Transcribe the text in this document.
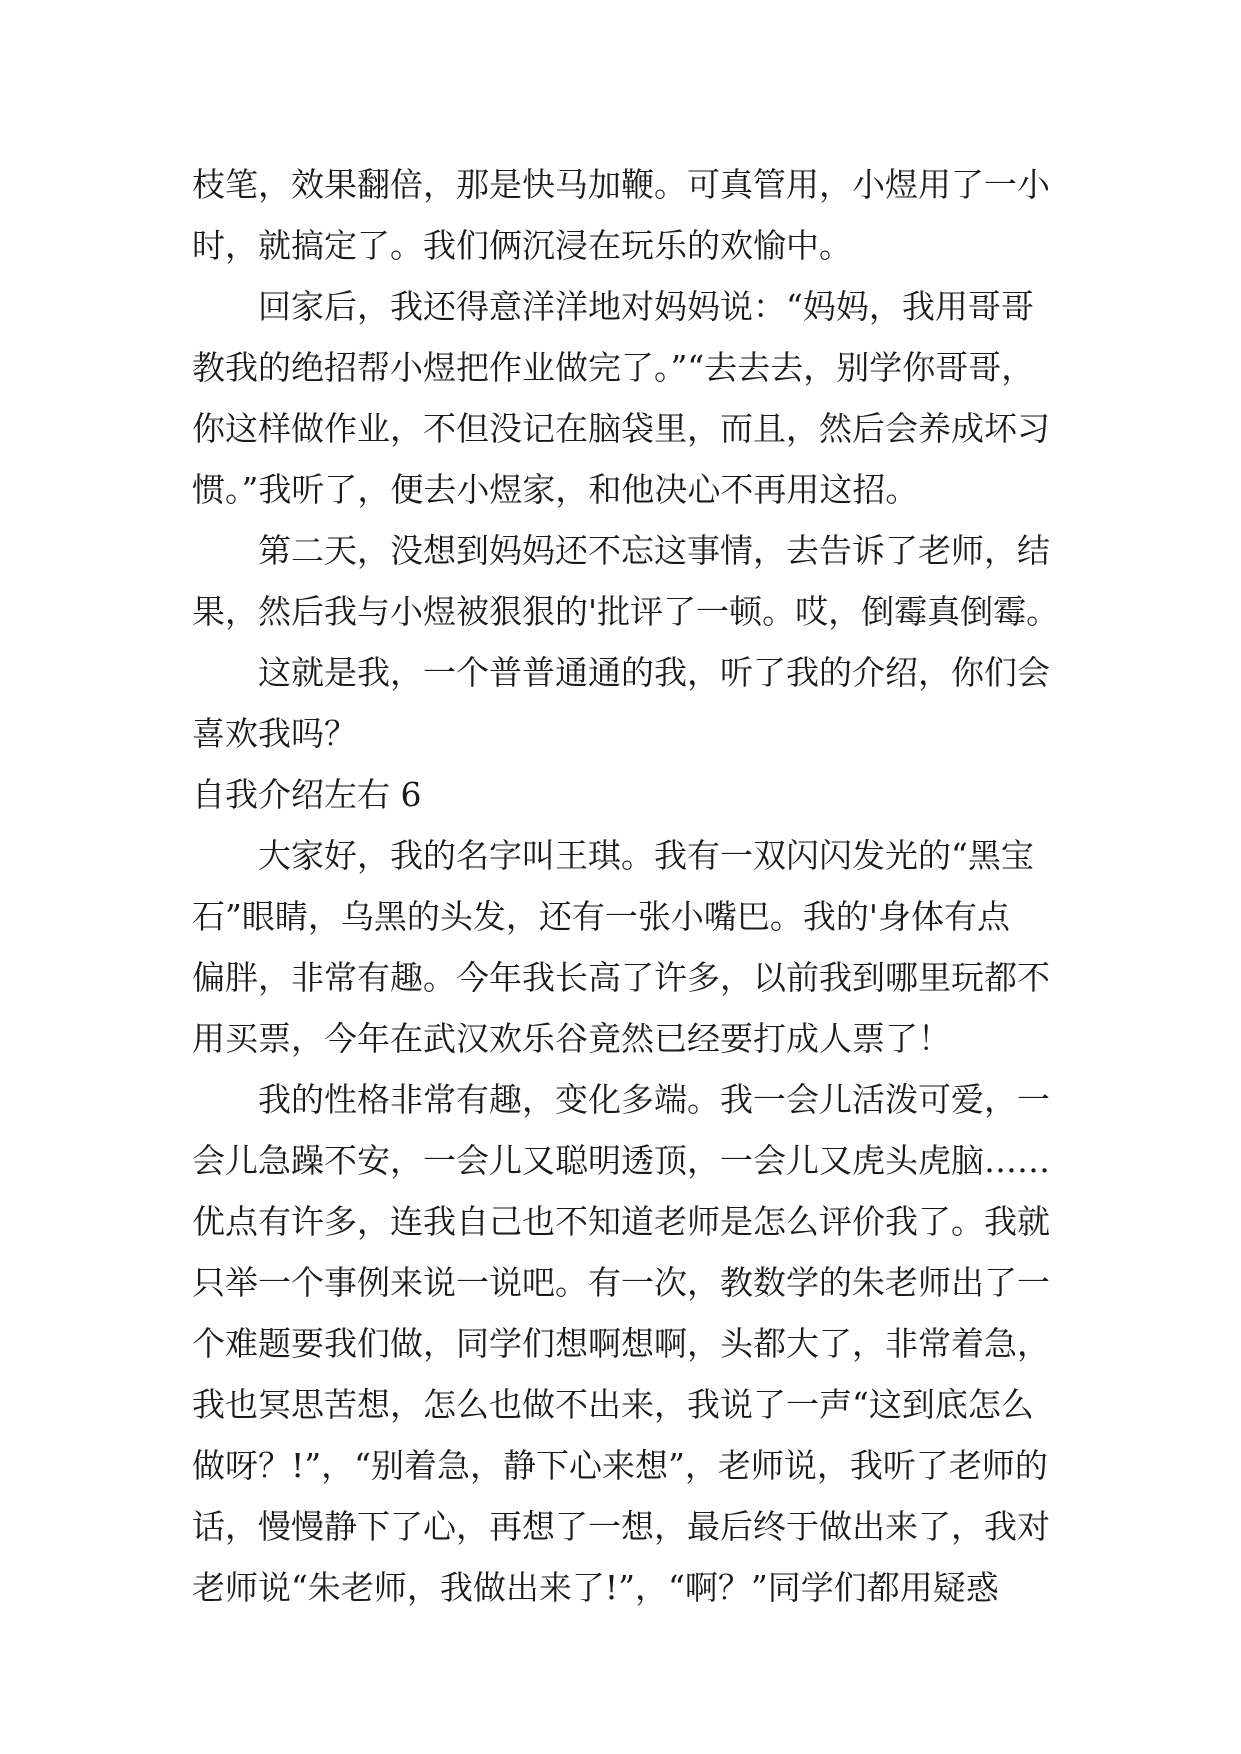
枝笔，效果翻倍，那是快马加鞭。可真管用，小煜用了一小
时，就搞定了。我们俩沉浸在玩乐的欢愉中。
回家后，我还得意洋洋地对妈妈说：“妈妈，我用哥哥
教我的绝招帮小煜把作业做完了。”“去去去，别学你哥哥，
你这样做作业，不但没记在脑袋里，而且，然后会养成坏习
惯。”我听了，便去小煜家，和他决心不再用这招。
第二天，没想到妈妈还不忘这事情，去告诉了老师，结
果，然后我与小煜被狠狠的'批评了一顿。哎，倒霉真倒霉。
这就是我，一个普普通通的我，听了我的介绍，你们会
喜欢我吗？
自我介绍左右 6
大家好，我的名字叫王琪。我有一双闪闪发光的“黑宝
石”眼睛，乌黑的头发，还有一张小嘴巴。我的'身体有点
偏胖，非常有趣。今年我长高了许多，以前我到哪里玩都不
用买票，今年在武汉欢乐谷竟然已经要打成人票了！
我的性格非常有趣，变化多端。我一会儿活泼可爱，一
会儿急躁不安，一会儿又聪明透顶，一会儿又虎头虎脑……
优点有许多，连我自己也不知道老师是怎么评价我了。我就
只举一个事例来说一说吧。有一次，教数学的朱老师出了一
个难题要我们做，同学们想啊想啊，头都大了，非常着急，
我也冥思苦想，怎么也做不出来，我说了一声“这到底怎么
做呀？!”，“别着急，静下心来想”，老师说，我听了老师的
话，慢慢静下了心，再想了一想，最后终于做出来了，我对
老师说“朱老师，我做出来了!”，“啊？”同学们都用疑惑
